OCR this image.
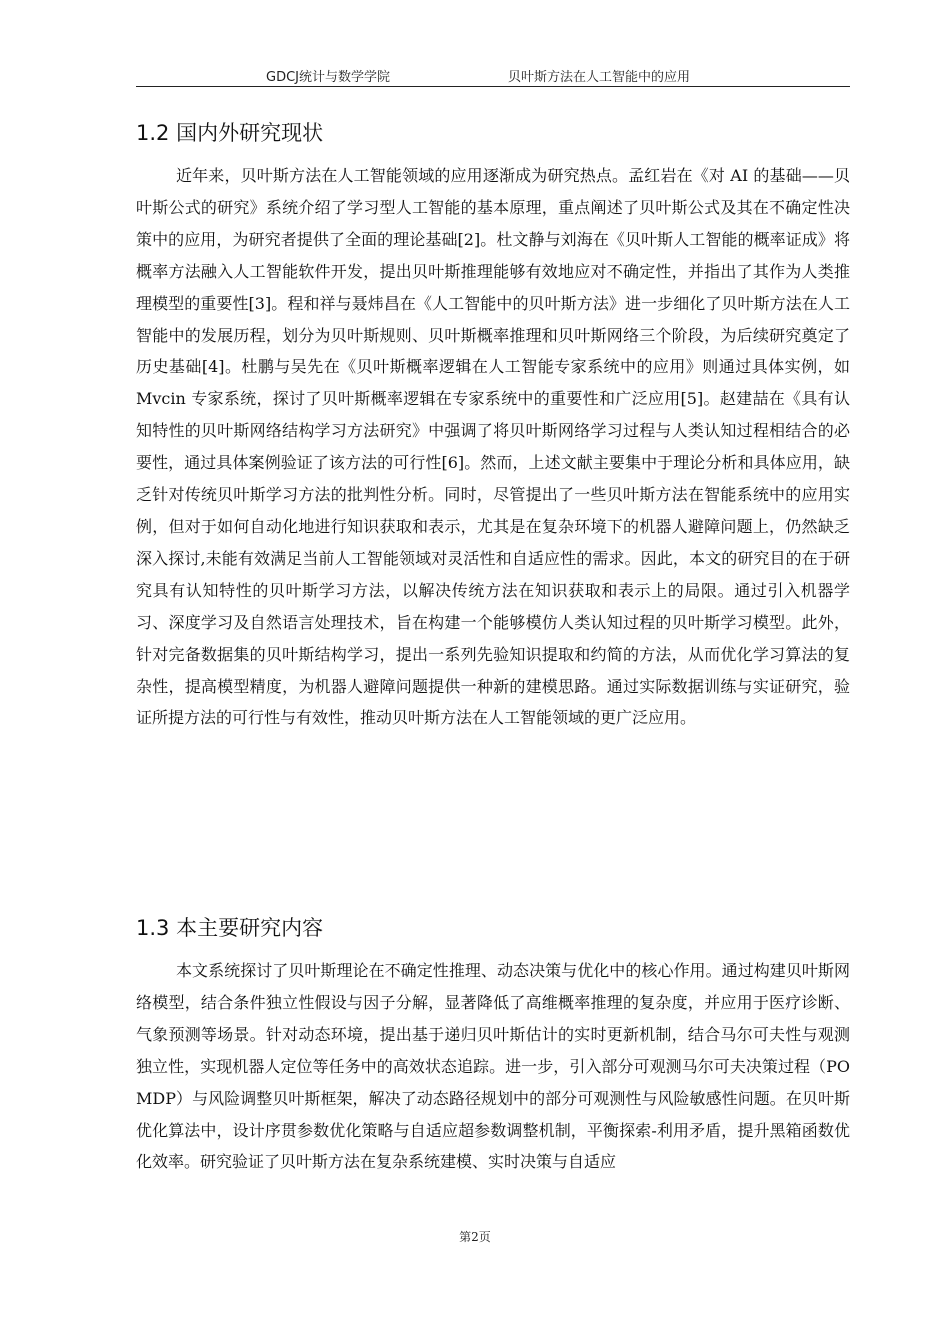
GDCJ统计与数学学院	贝叶斯方法在人工智能中的应用
1.2 国内外研究现状

近年来，贝叶斯方法在人工智能领域的应用逐渐成为研究热点。孟红岩在《对 AI 的基础——贝叶斯公式的研究》系统介绍了学习型人工智能的基本原理，重点阐述了贝叶斯公式及其在不确定性决策中的应用，为研究者提供了全面的理论基础[2]。杜文静与刘海在《贝叶斯人工智能的概率证成》将概率方法融入人工智能软件开发，提出贝叶斯推理能够有效地应对不确定性，并指出了其作为人类推理模型的重要性[3]。程和祥与聂炜昌在《人工智能中的贝叶斯方法》进一步细化了贝叶斯方法在人工智能中的发展历程，划分为贝叶斯规则、贝叶斯概率推理和贝叶斯网络三个阶段，为后续研究奠定了历史基础[4]。杜鹏与吴先在《贝叶斯概率逻辑在人工智能专家系统中的应用》则通过具体实例，如 Mvcin 专家系统，探讨了贝叶斯概率逻辑在专家系统中的重要性和广泛应用[5]。赵建喆在《具有认知特性的贝叶斯网络结构学习方法研究》中强调了将贝叶斯网络学习过程与人类认知过程相结合的必要性，通过具体案例验证了该方法的可行性[6]。然而，上述文献主要集中于理论分析和具体应用，缺乏针对传统贝叶斯学习方法的批判性分析。同时，尽管提出了一些贝叶斯方法在智能系统中的应用实例，但对于如何自动化地进行知识获取和表示，尤其是在复杂环境下的机器人避障问题上，仍然缺乏深入探讨,未能有效满足当前人工智能领域对灵活性和自适应性的需求。因此，本文的研究目的在于研究具有认知特性的贝叶斯学习方法，以解决传统方法在知识获取和表示上的局限。通过引入机器学习、深度学习及自然语言处理技术，旨在构建一个能够模仿人类认知过程的贝叶斯学习模型。此外，针对完备数据集的贝叶斯结构学习，提出一系列先验知识提取和约简的方法，从而优化学习算法的复杂性，提高模型精度，为机器人避障问题提供一种新的建模思路。通过实际数据训练与实证研究，验证所提方法的可行性与有效性，推动贝叶斯方法在人工智能领域的更广泛应用。

1.3 本主要研究内容

本文系统探讨了贝叶斯理论在不确定性推理、动态决策与优化中的核心作用。通过构建贝叶斯网络模型，结合条件独立性假设与因子分解，显著降低了高维概率推理的复杂度，并应用于医疗诊断、气象预测等场景。针对动态环境，提出基于递归贝叶斯估计的实时更新机制，结合马尔可夫性与观测独立性，实现机器人定位等任务中的高效状态追踪。进一步，引入部分可观测马尔可夫决策过程（POMDP）与风险调整贝叶斯框架，解决了动态路径规划中的部分可观测性与风险敏感性问题。在贝叶斯优化算法中，设计序贯参数优化策略与自适应超参数调整机制，平衡探索-利用矛盾，提升黑箱函数优化效率。研究验证了贝叶斯方法在复杂系统建模、实时决策与自适应

第2页
